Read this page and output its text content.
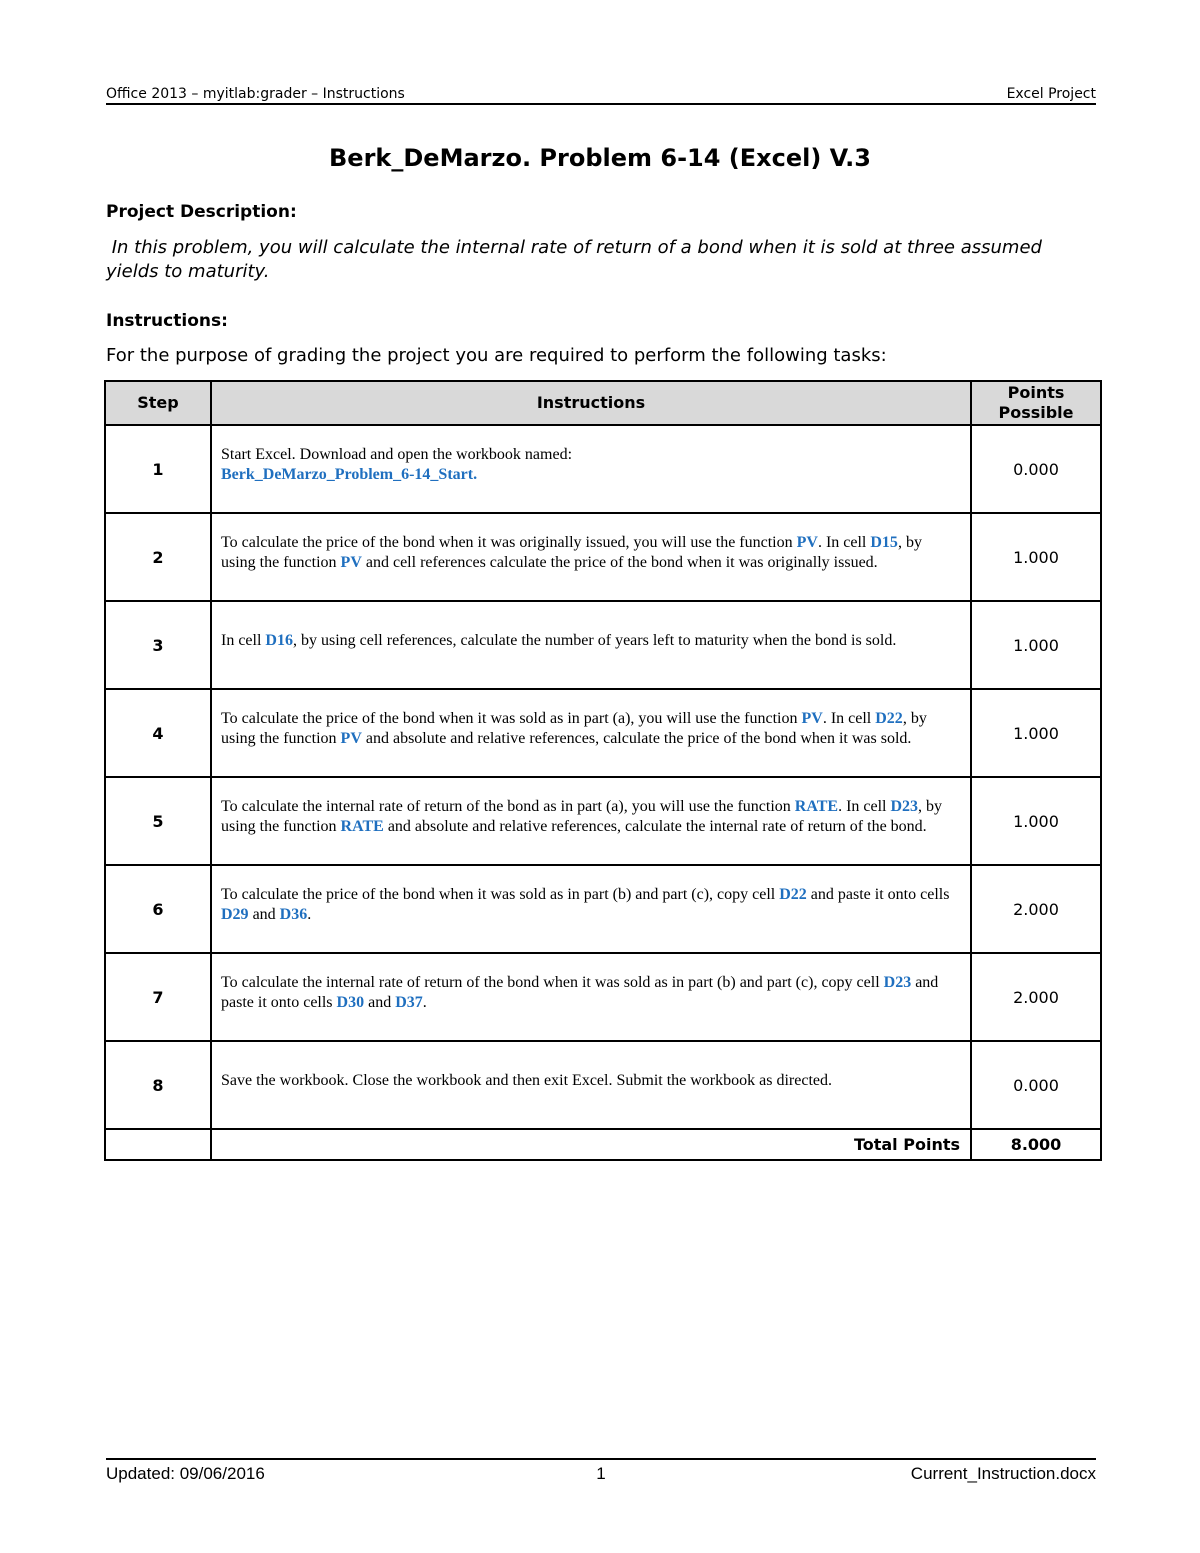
Office 2013 – myitlab:grader – Instructions	Excel Project
Berk_DeMarzo. Problem 6-14 (Excel) V.3
Project Description:
In this problem, you will calculate the internal rate of return of a bond when it is sold at three assumed yields to maturity.
Instructions:
For the purpose of grading the project you are required to perform the following tasks:
Step	Instructions	Points
Possible
1	Start Excel. Download and open the workbook named:
Berk_DeMarzo_Problem_6-14_Start.	0.000
2	To calculate the price of the bond when it was originally issued, you will use the function PV. In cell D15, by using the function PV and cell references calculate the price of the bond when it was originally issued.	1.000
3	In cell D16, by using cell references, calculate the number of years left to maturity when the bond is sold.	1.000
4	To calculate the price of the bond when it was sold as in part (a), you will use the function PV. In cell D22, by using the function PV and absolute and relative references, calculate the price of the bond when it was sold.	1.000
5	To calculate the internal rate of return of the bond as in part (a), you will use the function RATE. In cell D23, by using the function RATE and absolute and relative references, calculate the internal rate of return of the bond.	1.000
6	To calculate the price of the bond when it was sold as in part (b) and part (c), copy cell D22 and paste it onto cells D29 and D36.	2.000
7	To calculate the internal rate of return of the bond when it was sold as in part (b) and part (c), copy cell D23 and paste it onto cells D30 and D37.	2.000
8	Save the workbook. Close the workbook and then exit Excel. Submit the workbook as directed.	0.000
	Total Points	8.000
Updated: 09/06/2016	1	Current_Instruction.docx
